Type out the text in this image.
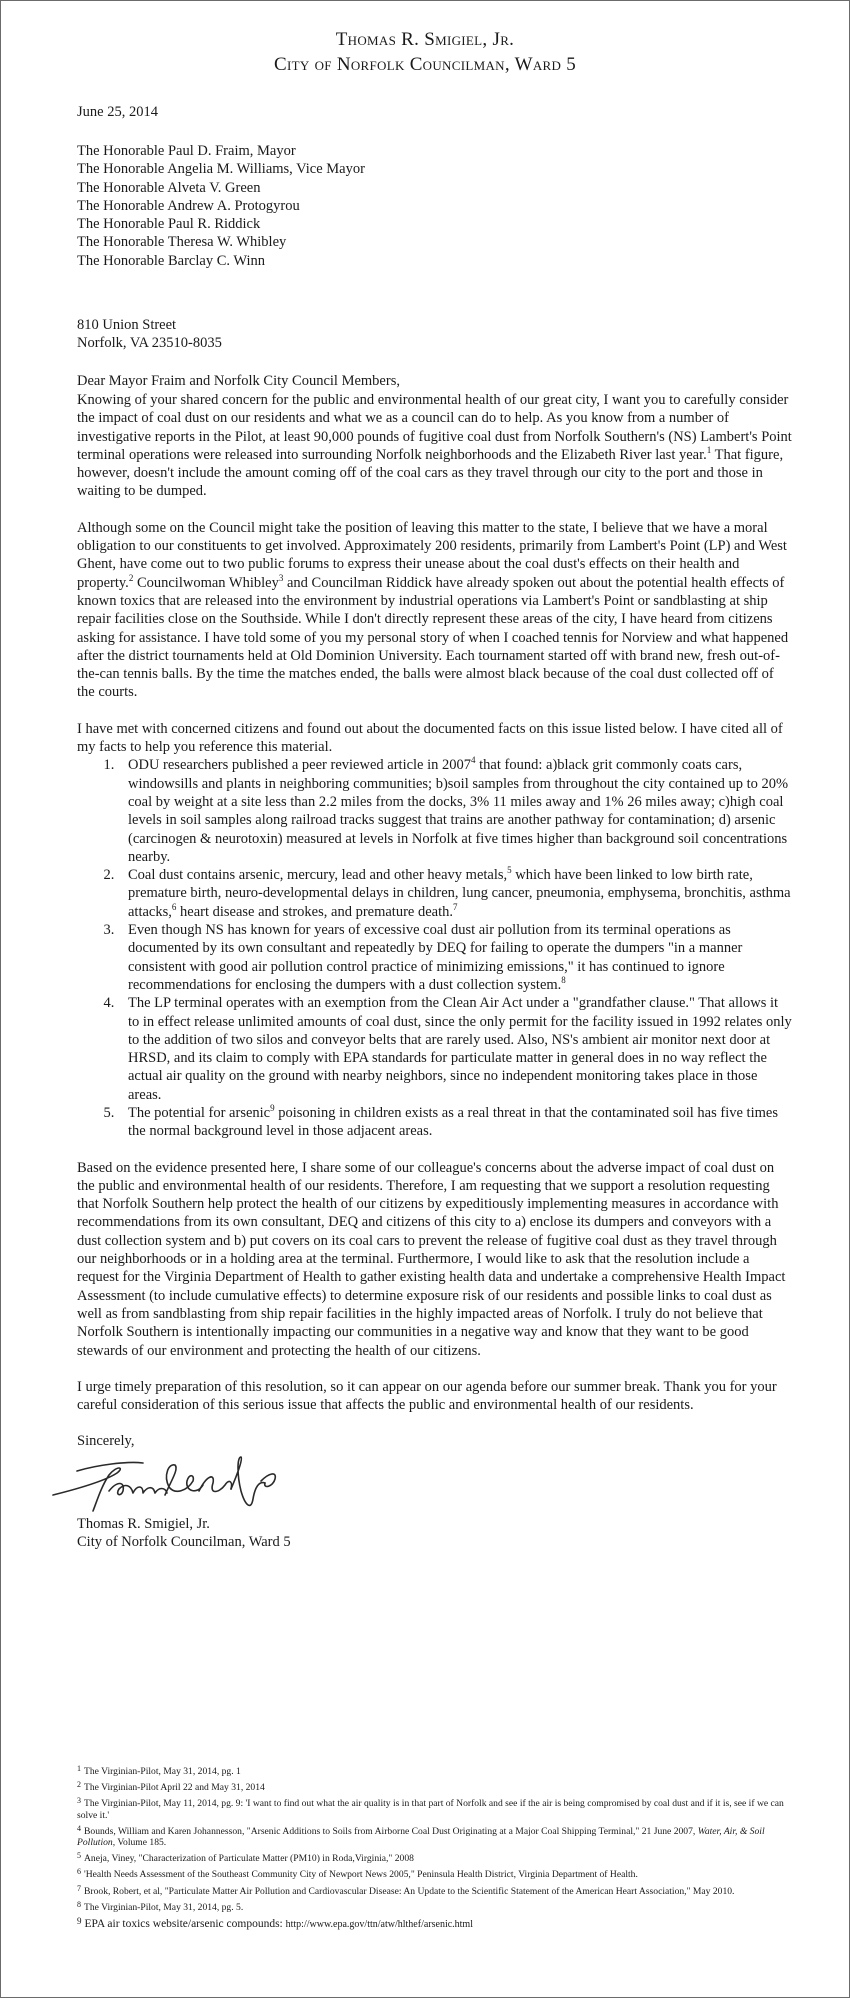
Thomas R. Smigiel, Jr.
City of Norfolk Councilman, Ward 5
June 25, 2014

The Honorable Paul D. Fraim, Mayor

The Honorable Angelia M. Williams, Vice Mayor

The Honorable Alveta V. Green

The Honorable Andrew A. Protogyrou

The Honorable Paul R. Riddick

The Honorable Theresa W. Whibley

The Honorable Barclay C. Winn

810 Union Street

Norfolk, VA 23510-8035

Dear Mayor Fraim and Norfolk City Council Members,

Knowing of your shared concern for the public and environmental health of our great city, I want you to carefully consider the impact of coal dust on our residents and what we as a council can do to help. As you know from a number of investigative reports in the Pilot, at least 90,000 pounds of fugitive coal dust from Norfolk Southern's (NS) Lambert's Point terminal operations were released into surrounding Norfolk neighborhoods and the Elizabeth River last year.$^1$ That figure, however, doesn't include the amount coming off of the coal cars as they travel through our city to the port and those in waiting to be dumped.

Although some on the Council might take the position of leaving this matter to the state, I believe that we have a moral obligation to our constituents to get involved. Approximately 200 residents, primarily from Lambert's Point (LP) and West Ghent, have come out to two public forums to express their unease about the coal dust's effects on their health and property.$^2$ Councilwoman Whibley$^3$ and Councilman Riddick have already spoken out about the potential health effects of known toxics that are released into the environment by industrial operations via Lambert's Point or sandblasting at ship repair facilities close on the Southside. While I don't directly represent these areas of the city, I have heard from citizens asking for assistance. I have told some of you my personal story of when I coached tennis for Norview and what happened after the district tournaments held at Old Dominion University. Each tournament started off with brand new, fresh out-of-the-can tennis balls. By the time the matches ended, the balls were almost black because of the coal dust collected off of the courts.

I have met with concerned citizens and found out about the documented facts on this issue listed below. I have cited all of my facts to help you reference this material.

1. ODU researchers published a peer reviewed article in 2007$^4$ that found: a)black grit commonly coats cars, windowsills and plants in neighboring communities; b)soil samples from throughout the city contained up to 20% coal by weight at a site less than 2.2 miles from the docks, 3% 11 miles away and 1% 26 miles away; c)high coal levels in soil samples along railroad tracks suggest that trains are another pathway for contamination; d) arsenic (carcinogen & neurotoxin) measured at levels in Norfolk at five times higher than background soil concentrations nearby.
2. Coal dust contains arsenic, mercury, lead and other heavy metals,$^5$ which have been linked to low birth rate, premature birth, neuro-developmental delays in children, lung cancer, pneumonia, emphysema, bronchitis, asthma attacks,$^6$ heart disease and strokes, and premature death.$^7$
3. Even though NS has known for years of excessive coal dust air pollution from its terminal operations as documented by its own consultant and repeatedly by DEQ for failing to operate the dumpers "in a manner consistent with good air pollution control practice of minimizing emissions," it has continued to ignore recommendations for enclosing the dumpers with a dust collection system.$^8$
4. The LP terminal operates with an exemption from the Clean Air Act under a "grandfather clause." That allows it to in effect release unlimited amounts of coal dust, since the only permit for the facility issued in 1992 relates only to the addition of two silos and conveyor belts that are rarely used. Also, NS's ambient air monitor next door at HRSD, and its claim to comply with EPA standards for particulate matter in general does in no way reflect the actual air quality on the ground with nearby neighbors, since no independent monitoring takes place in those areas.
5. The potential for arsenic$^9$ poisoning in children exists as a real threat in that the contaminated soil has five times the normal background level in those adjacent areas.

Based on the evidence presented here, I share some of our colleague's concerns about the adverse impact of coal dust on the public and environmental health of our residents. Therefore, I am requesting that we support a resolution requesting that Norfolk Southern help protect the health of our citizens by expeditiously implementing measures in accordance with recommendations from its own consultant, DEQ and citizens of this city to a) enclose its dumpers and conveyors with a dust collection system and b) put covers on its coal cars to prevent the release of fugitive coal dust as they travel through our neighborhoods or in a holding area at the terminal. Furthermore, I would like to ask that the resolution include a request for the Virginia Department of Health to gather existing health data and undertake a comprehensive Health Impact Assessment (to include cumulative effects) to determine exposure risk of our residents and possible links to coal dust as well as from sandblasting from ship repair facilities in the highly impacted areas of Norfolk. I truly do not believe that Norfolk Southern is intentionally impacting our communities in a negative way and know that they want to be good stewards of our environment and protecting the health of our citizens.

I urge timely preparation of this resolution, so it can appear on our agenda before our summer break. Thank you for your careful consideration of this serious issue that affects the public and environmental health of our residents.

Sincerely,

Thomas R. Smigiel, Jr.

City of Norfolk Councilman, Ward 5

$^1$ The Virginian-Pilot, May 31, 2014, pg. 1

$^2$ The Virginian-Pilot April 22 and May 31, 2014

$^3$ The Virginian-Pilot, May 11, 2014, pg. 9: 'I want to find out what the air quality is in that part of Norfolk and see if the air is being compromised by coal dust and if it is, see if we can solve it.'

$^4$ Bounds, William and Karen Johannesson, "Arsenic Additions to Soils from Airborne Coal Dust Originating at a Major Coal Shipping Terminal," 21 June 2007, Water, Air, & Soil Pollution, Volume 185.

$^5$ Aneja, Viney, "Characterization of Particulate Matter (PM10) in Roda,Virginia," 2008

$^6$ 'Health Needs Assessment of the Southeast Community City of Newport News 2005," Peninsula Health District, Virginia Department of Health.

$^7$ Brook, Robert, et al, "Particulate Matter Air Pollution and Cardiovascular Disease: An Update to the Scientific Statement of the American Heart Association," May 2010.

$^8$ The Virginian-Pilot, May 31, 2014, pg. 5.

$^9$ EPA air toxics website/arsenic compounds: http://www.epa.gov/ttn/atw/hlthef/arsenic.html
